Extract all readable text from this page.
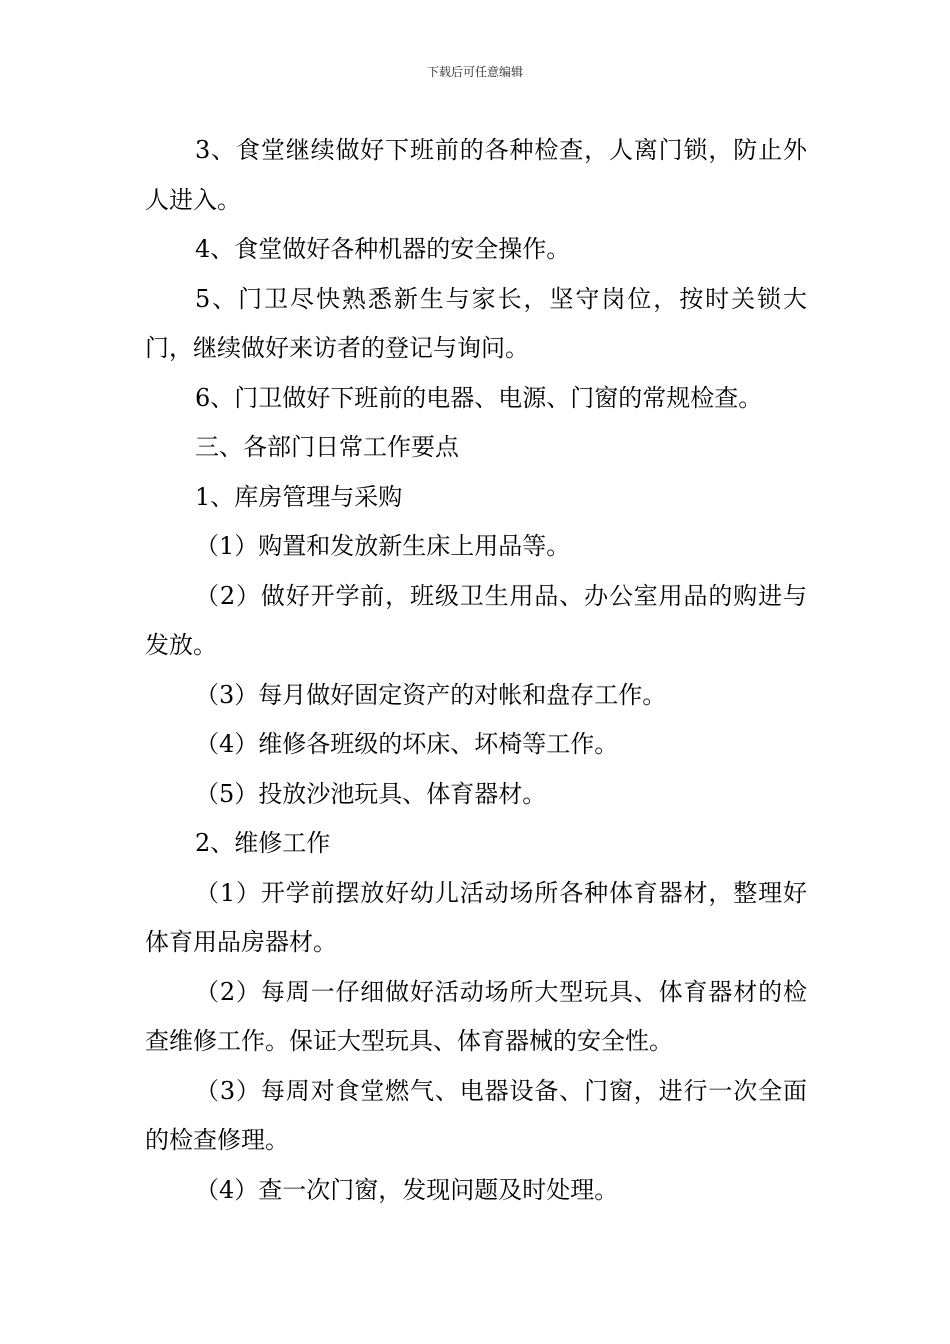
下载后可任意编辑

3、食堂继续做好下班前的各种检查，人离门锁，防止外人进入。

4、食堂做好各种机器的安全操作。

5、门卫尽快熟悉新生与家长，坚守岗位，按时关锁大门，继续做好来访者的登记与询问。

6、门卫做好下班前的电器、电源、门窗的常规检查。

三、各部门日常工作要点

1、库房管理与采购

（1）购置和发放新生床上用品等。

（2）做好开学前，班级卫生用品、办公室用品的购进与发放。

（3）每月做好固定资产的对帐和盘存工作。

（4）维修各班级的坏床、坏椅等工作。

（5）投放沙池玩具、体育器材。

2、维修工作

（1）开学前摆放好幼儿活动场所各种体育器材，整理好体育用品房器材。

（2）每周一仔细做好活动场所大型玩具、体育器材的检查维修工作。保证大型玩具、体育器械的安全性。

（3）每周对食堂燃气、电器设备、门窗，进行一次全面的检查修理。

（4）查一次门窗，发现问题及时处理。
